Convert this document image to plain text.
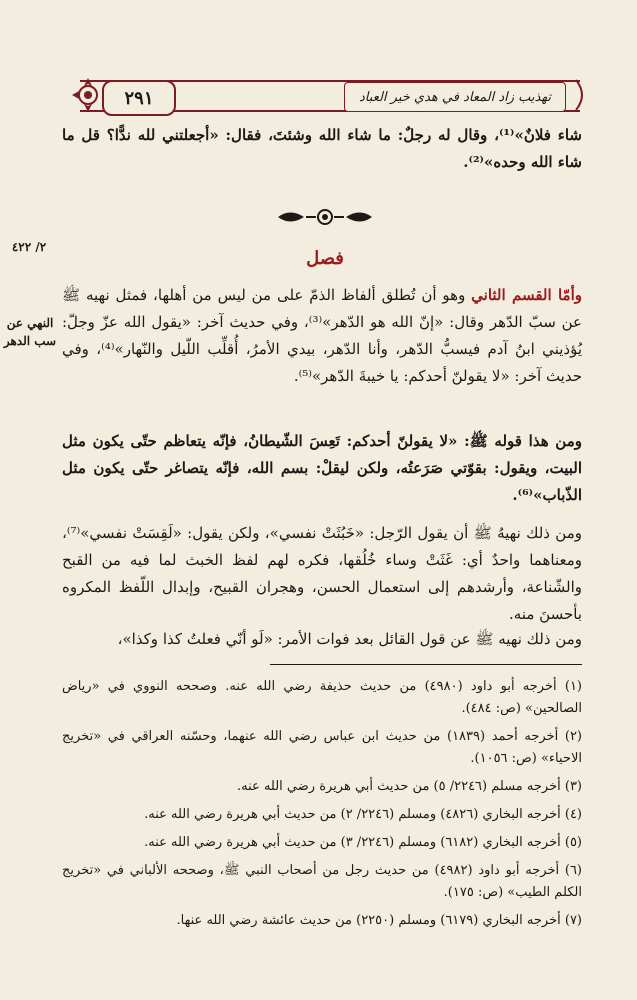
٢٩١	تهذيب زاد المعاد في هدي خير العباد
شاء فلانٌ»⁽¹⁾، وقال له رجلٌ: ما شاء الله وشئتَ، فقال: «أجعلتني لله ندًّا؟ قل ما شاء الله وحده»⁽²⁾.
فصل
٢/ ٤٢٢
النهي عن سب الدهر
وأمّا القسم الثاني وهو أن تُطلق ألفاظ الذمّ على من ليس من أهلها، فمثل نهيه ﷺ عن سبّ الدّهر وقال: «إنّ الله هو الدّهر»⁽³⁾، وفي حديث آخر: «يقول الله عزّ وجلّ: يُؤذيني ابنُ آدم فيسبُّ الدّهر، وأنا الدّهر، بيدي الأمرُ، أُقلِّب اللّيل والنّهار»⁽⁴⁾، وفي حديث آخر: «لا يقولنّ أحدكم: يا خيبةَ الدّهر»⁽⁵⁾.
ومن هذا قوله ﷺ: «لا يقولنّ أحدكم: تَعِسَ الشّيطانُ، فإنّه يتعاظم حتّى يكون مثل البيت، ويقول: بقوّتي صَرَعتُه، ولكن ليقلْ: بسم الله، فإنّه يتصاغر حتّى يكون مثل الذّباب»⁽⁶⁾.
ومن ذلك نهيهُ ﷺ أن يقول الرّجل: «خَبُثَتْ نفسي»، ولكن يقول: «لَقِسَتْ نفسي»⁽⁷⁾، ومعناهما واحدٌ أي: غَثَتْ وساء خُلُقها، فكره لهم لفظ الخبث لما فيه من القبح والشّناعة، وأرشدهم إلى استعمال الحسن، وهجران القبيح، وإبدال اللّفظ المكروه بأحسنَ منه.
ومن ذلك نهيه ﷺ عن قول القائل بعد فوات الأمر: «لَو أنّي فعلتُ كذا وكذا»،

(١) أخرجه أبو داود (٤٩٨٠) من حديث حذيفة رضي الله عنه. وصححه النووي في «رياض الصالحين» (ص: ٤٨٤).

(٢) أخرجه أحمد (١٨٣٩) من حديث ابن عباس رضي الله عنهما، وحسّنه العراقي في «تخريج الاحياء» (ص: ١٠٥٦).

(٣) أخرجه مسلم (٢٢٤٦/ ٥) من حديث أبي هريرة رضي الله عنه.

(٤) أخرجه البخاري (٤٨٢٦) ومسلم (٢٢٤٦/ ٢) من حديث أبي هريرة رضي الله عنه.

(٥) أخرجه البخاري (٦١٨٢) ومسلم (٢٢٤٦/ ٣) من حديث أبي هريرة رضي الله عنه.

(٦) أخرجه أبو داود (٤٩٨٢) من حديث رجل من أصحاب النبي ﷺ، وصححه الألباني في «تخريج الكلم الطيب» (ص: ١٧٥).

(٧) أخرجه البخاري (٦١٧٩) ومسلم (٢٢٥٠) من حديث عائشة رضي الله عنها.
